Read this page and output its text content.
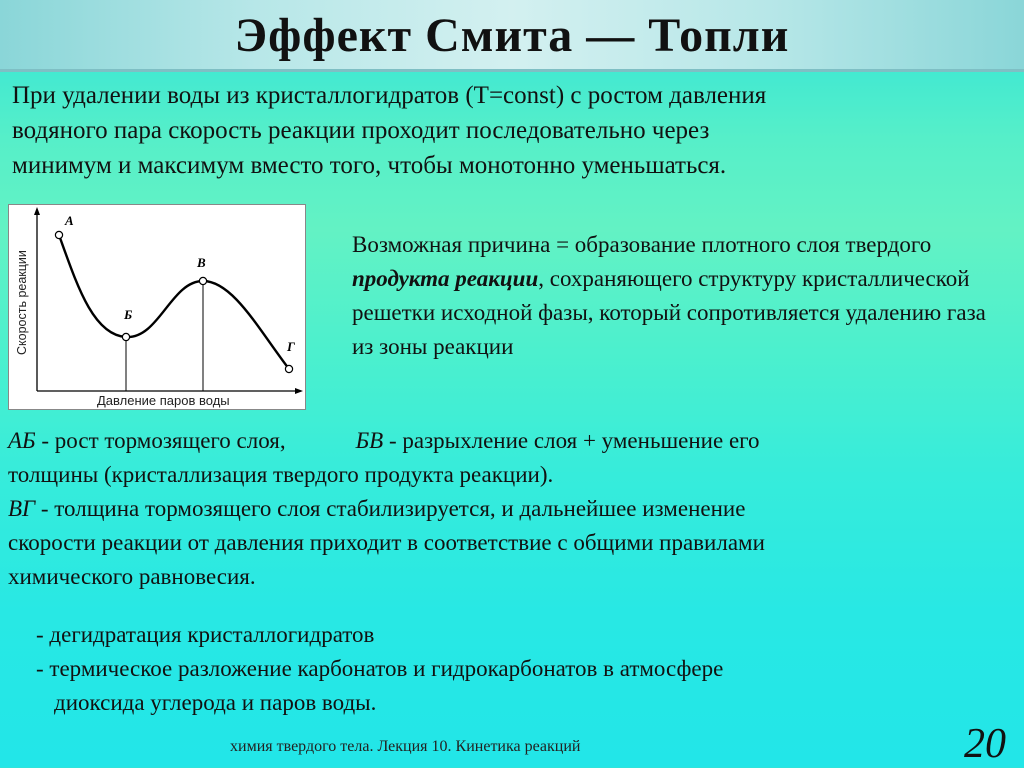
Эффект Смита — Топли
При удалении воды из кристаллогидратов (T=const) с ростом давления
водяного пара скорость реакции проходит последовательно через
минимум и максимум вместо того, чтобы монотонно уменьшаться.
А
Б
В
Г
Скорость реакции
Давление паров воды
Возможная причина = образование плотного слоя твердого продукта реакции, сохраняющего структуру кристаллической решетки исходной фазы, который сопротивляется удалению газа из зоны реакции
АБ - рост тормозящего слоя,	БВ - разрыхление слоя + уменьшение его
толщины (кристаллизация твердого продукта реакции).
ВГ - толщина тормозящего слоя стабилизируется, и дальнейшее изменение
скорости реакции от давления приходит в соответствие с общими правилами
химического равновесия.
- дегидратация кристаллогидратов
- термическое разложение карбонатов и гидрокарбонатов в атмосфере
диоксида углерода и паров воды.
химия твердого тела. Лекция 10. Кинетика реакций	20
